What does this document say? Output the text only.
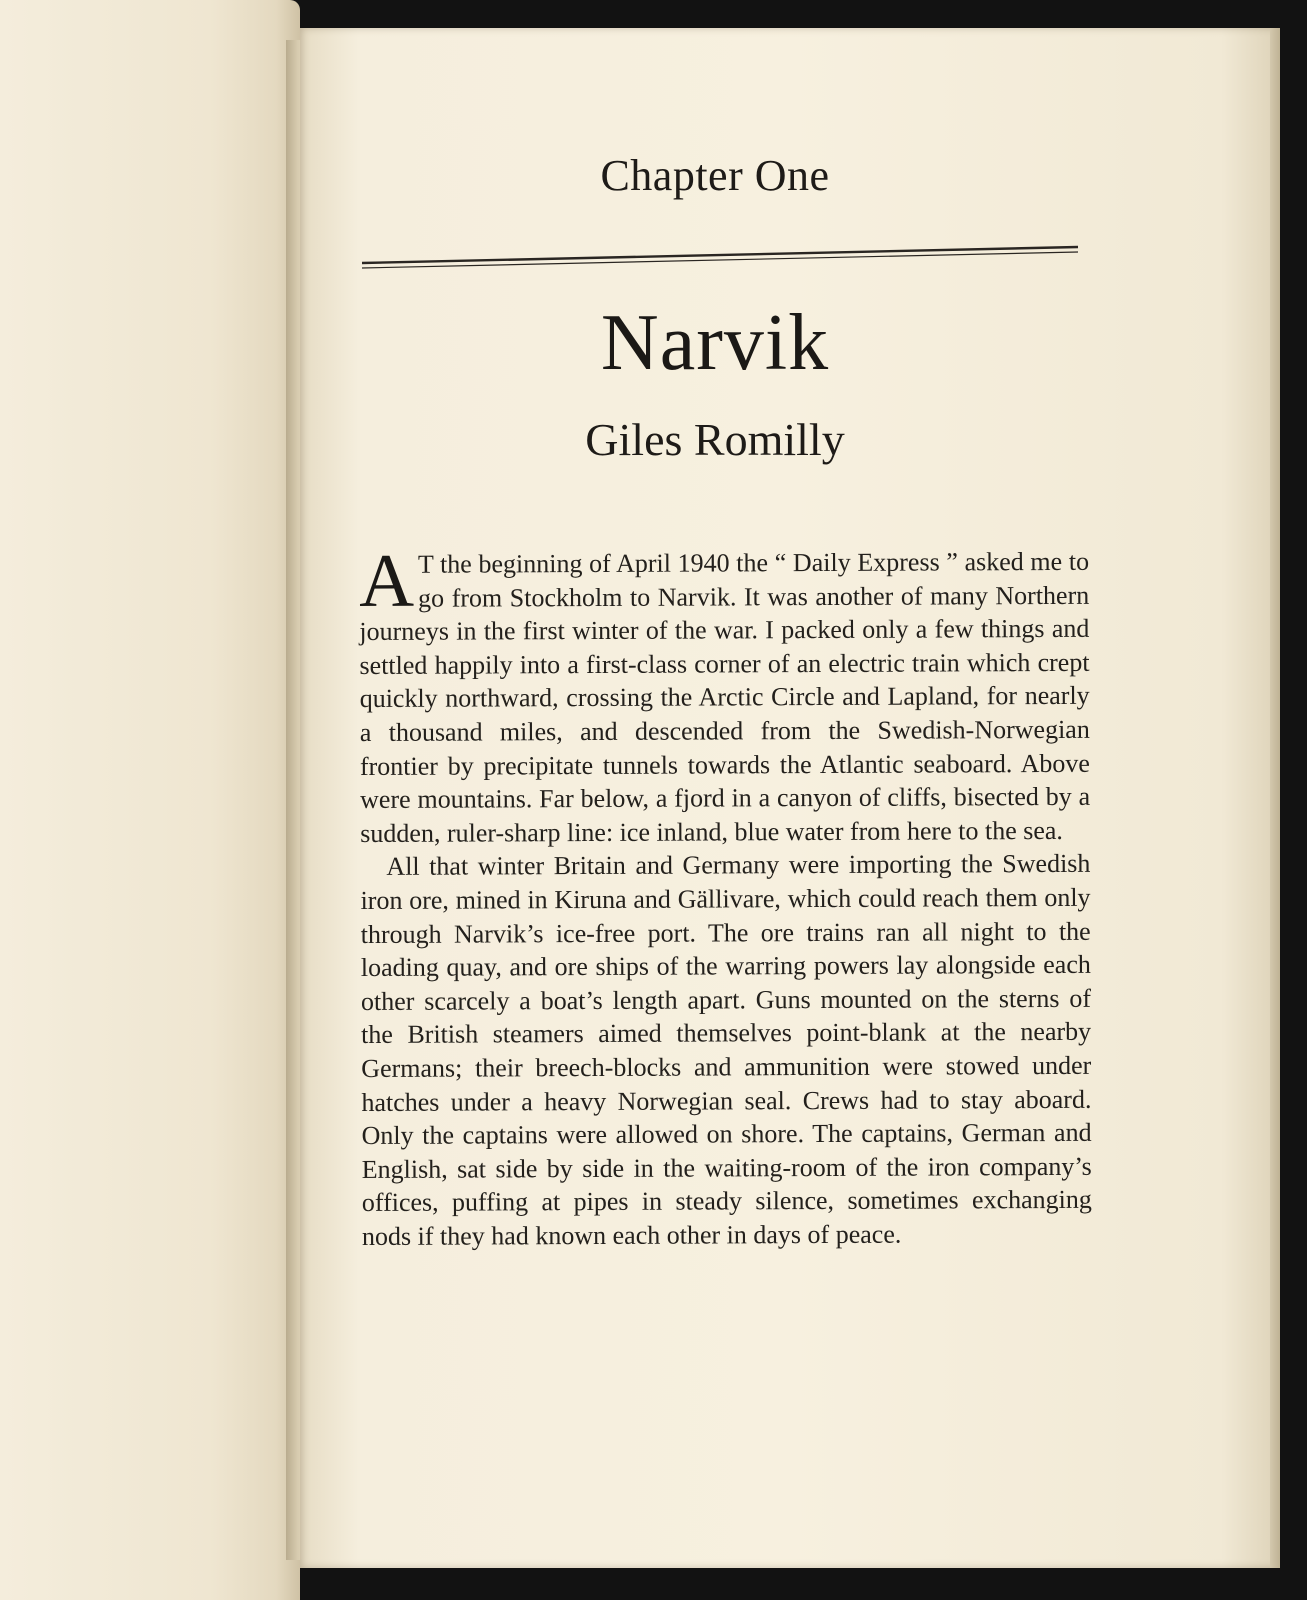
Chapter One
Narvik
Giles Romilly

A T the beginning of April 1940 the “ Daily Express ” asked me to go from Stockholm to Narvik. It was another of many Northern journeys in the first winter of the war. I packed only a few things and settled happily into a first-class corner of an electric train which crept quickly northward, crossing the Arctic Circle and Lapland, for nearly a thousand miles, and descended from the Swedish-Norwegian frontier by precipitate tunnels towards the Atlantic seaboard. Above were mountains. Far below, a fjord in a canyon of cliffs, bisected by a sudden, ruler-sharp line: ice inland, blue water from here to the sea.

All that winter Britain and Germany were importing the Swedish iron ore, mined in Kiruna and Gällivare, which could reach them only through Narvik’s ice-free port. The ore trains ran all night to the loading quay, and ore ships of the warring powers lay alongside each other scarcely a boat’s length apart. Guns mounted on the sterns of the British steamers aimed themselves point-blank at the nearby Germans; their breech-blocks and ammunition were stowed under hatches under a heavy Norwegian seal. Crews had to stay aboard. Only the captains were allowed on shore. The captains, German and English, sat side by side in the waiting-room of the iron company’s offices, puffing at pipes in steady silence, sometimes exchanging nods if they had known each other in days of peace.
